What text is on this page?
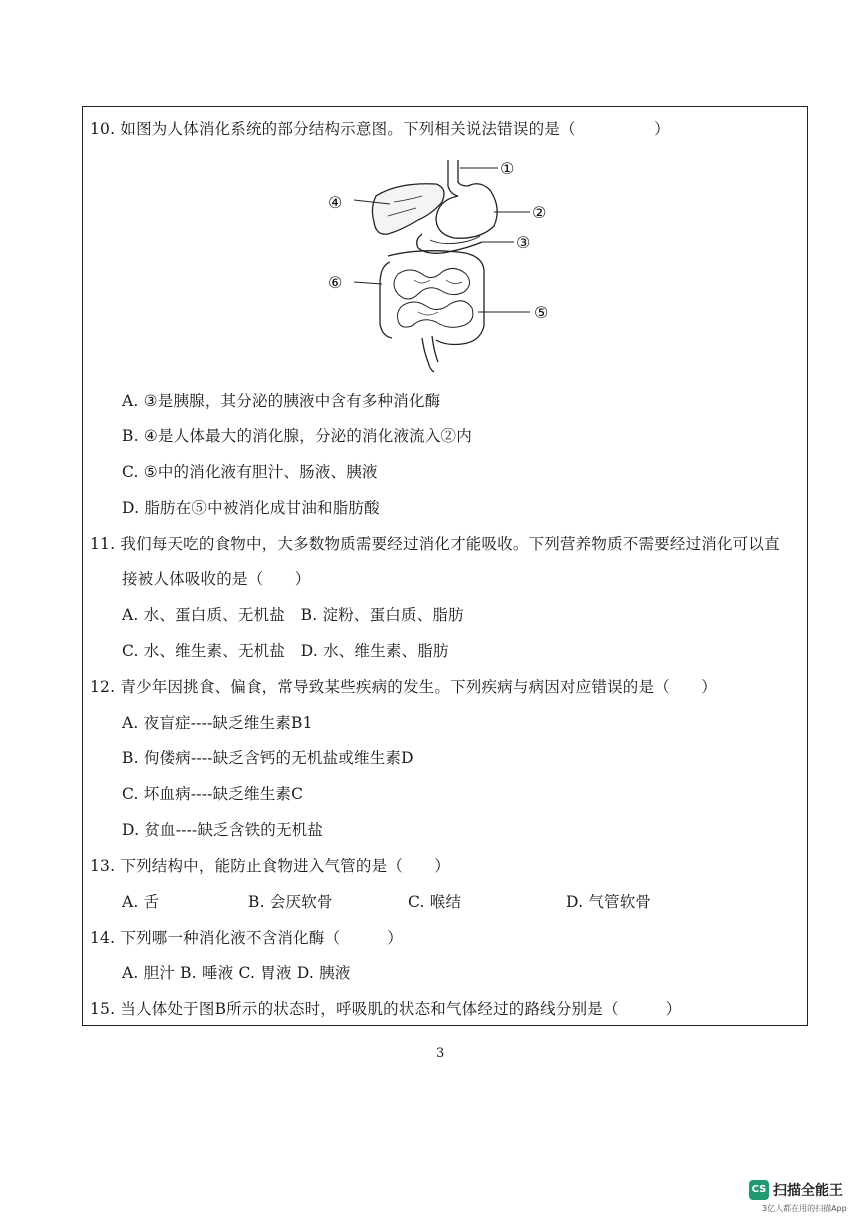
10. 如图为人体消化系统的部分结构示意图。下列相关说法错误的是（　　　　　）
①
②
③
④
⑤
⑥
A. ③是胰腺，其分泌的胰液中含有多种消化酶
B. ④是人体最大的消化腺，分泌的消化液流入②内
C. ⑤中的消化液有胆汁、肠液、胰液
D. 脂肪在⑤中被消化成甘油和脂肪酸
11. 我们每天吃的食物中，大多数物质需要经过消化才能吸收。下列营养物质不需要经过消化可以直
接被人体吸收的是（　　）
A. 水、蛋白质、无机盐　B. 淀粉、蛋白质、脂肪
C. 水、维生素、无机盐　D. 水、维生素、脂肪
12. 青少年因挑食、偏食，常导致某些疾病的发生。下列疾病与病因对应错误的是（　　）
A. 夜盲症----缺乏维生素B1
B. 佝偻病----缺乏含钙的无机盐或维生素D
C. 坏血病----缺乏维生素C
D. 贫血----缺乏含铁的无机盐
13. 下列结构中，能防止食物进入气管的是（　　）
A. 舌	B. 会厌软骨	C. 喉结	D. 气管软骨
14. 下列哪一种消化液不含消化酶（　　　）
A. 胆汁 B. 唾液 C. 胃液 D. 胰液
15. 当人体处于图B所示的状态时，呼吸肌的状态和气体经过的路线分别是（　　　）
3
CS 扫描全能王
3亿人都在用的扫描App
